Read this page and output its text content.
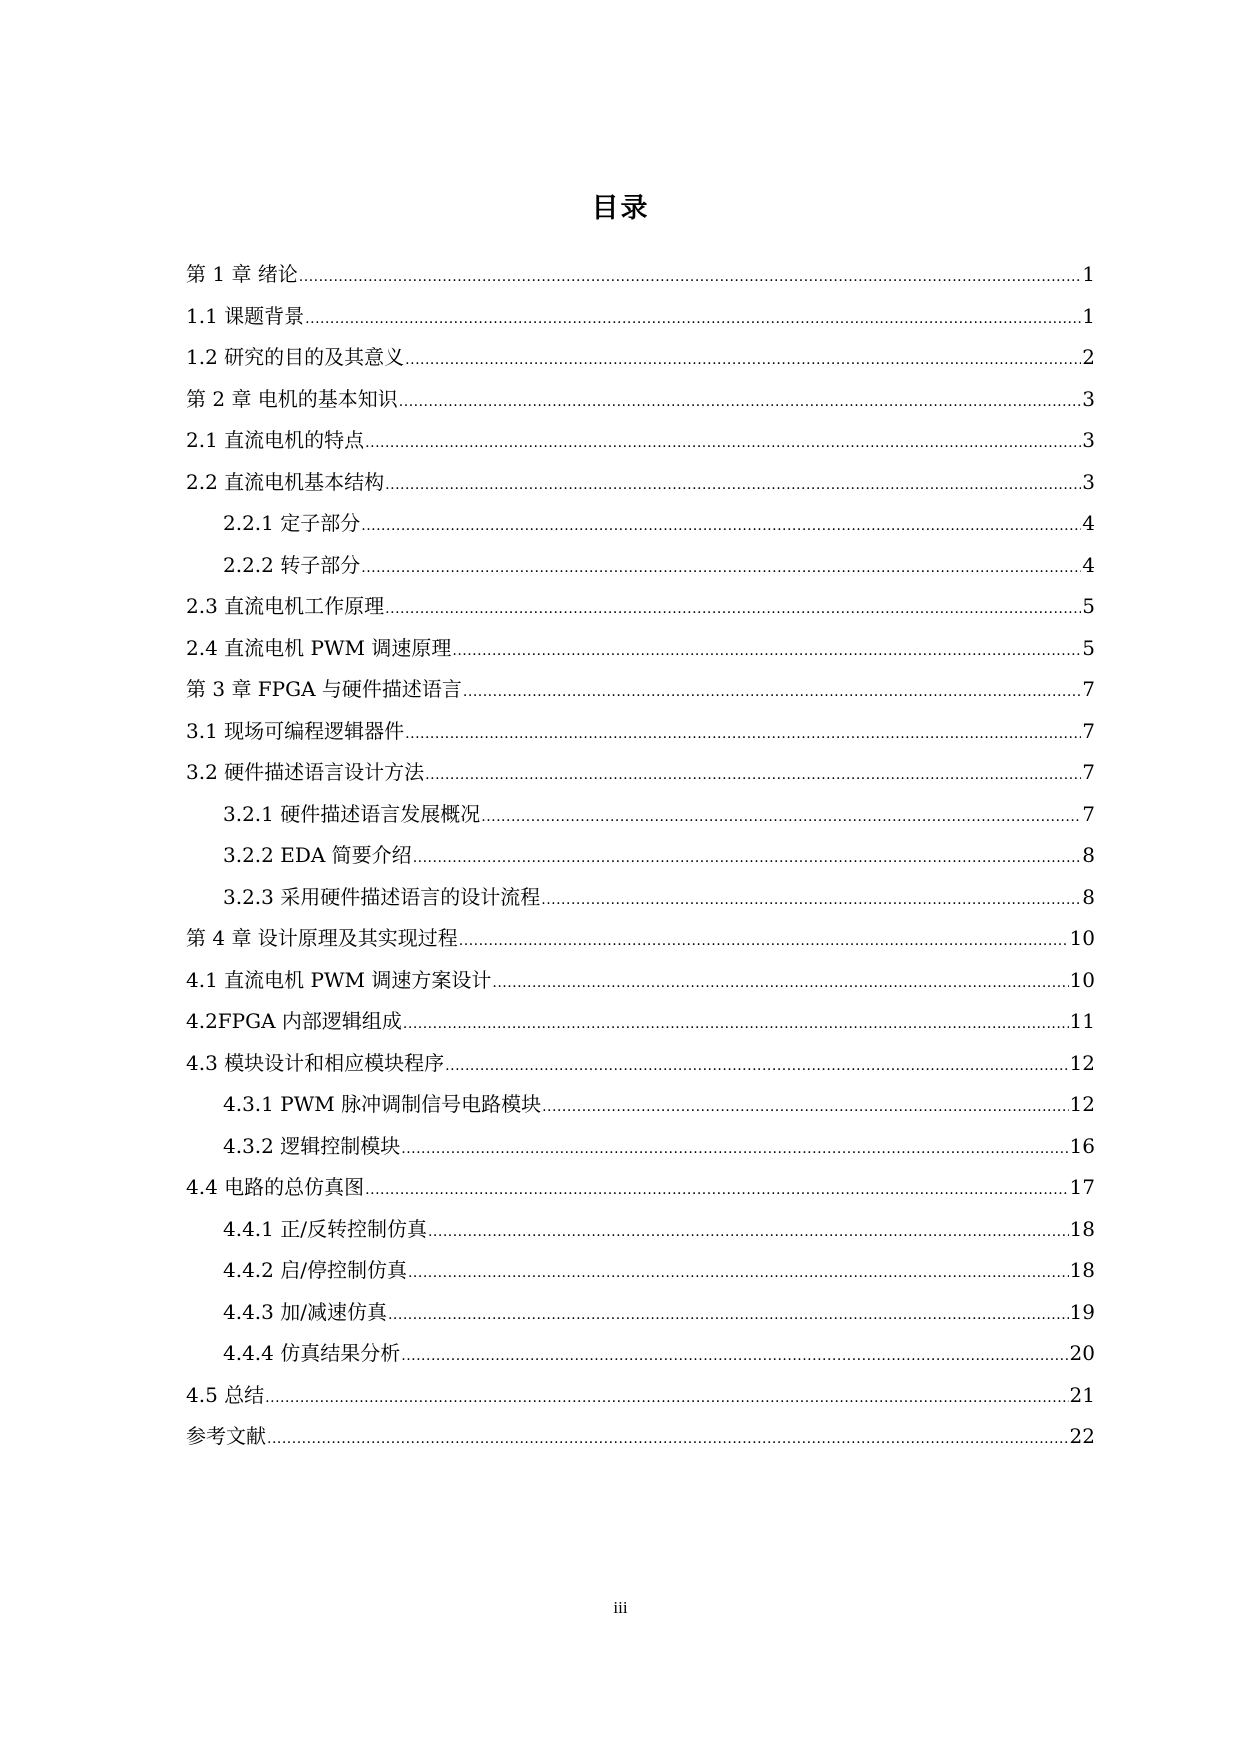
目录
第 1 章 绪论 .....	1
1.1 课题背景 .....	1
1.2 研究的目的及其意义 .....	2
第 2 章 电机的基本知识 .....	3
2.1 直流电机的特点 .....	3
2.2 直流电机基本结构 .....	3
2.2.1 定子部分 .....	4
2.2.2 转子部分 .....	4
2.3 直流电机工作原理 .....	5
2.4 直流电机 PWM 调速原理 .....	5
第 3 章 FPGA 与硬件描述语言 .....	7
3.1 现场可编程逻辑器件 .....	7
3.2 硬件描述语言设计方法 .....	7
3.2.1 硬件描述语言发展概况 .....	7
3.2.2 EDA 简要介绍 .....	8
3.2.3 采用硬件描述语言的设计流程 .....	8
第 4 章 设计原理及其实现过程 .....	10
4.1 直流电机 PWM 调速方案设计 .....	10
4.2FPGA 内部逻辑组成 .....	11
4.3 模块设计和相应模块程序 .....	12
4.3.1 PWM 脉冲调制信号电路模块 .....	12
4.3.2 逻辑控制模块 .....	16
4.4 电路的总仿真图 .....	17
4.4.1 正/反转控制仿真 .....	18
4.4.2 启/停控制仿真 .....	18
4.4.3 加/减速仿真 .....	19
4.4.4 仿真结果分析 .....	20
4.5 总结 .....	21
参考文献 .....	22
iii
